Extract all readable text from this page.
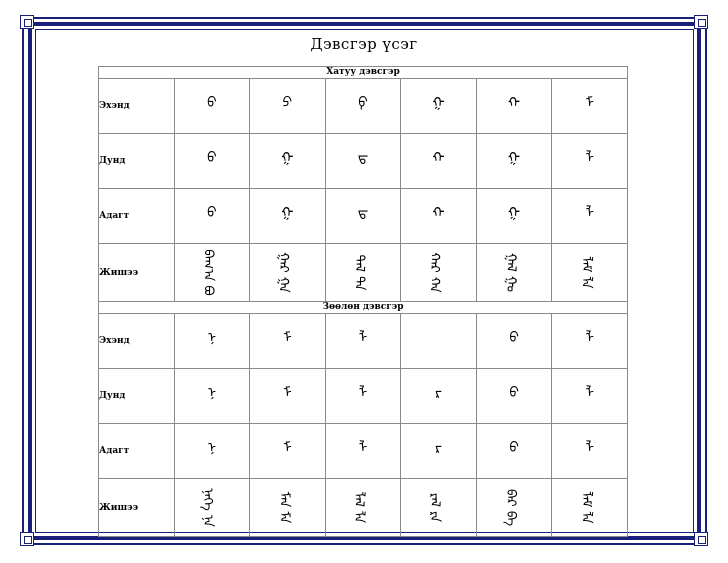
Дэвсгэр үсэг
Хатуу дэвсгэр						
Эхэнд	ᠪ	ᠫ	ᠹ	ᠭ	ᠬ	ᠮ
Дунд	ᠪ	ᠭ	ᠳ	ᠬ	ᠭ	ᠯ
Адагт	ᠪ	ᠭ	ᠳ	ᠬ	ᠭ	ᠯ
Жишээ	ᠪᠠᠭ᠎ᠠ ᠪᠣ	ᠭᠠᠷ ᠭᠠ	ᠳᠠᠯ ᠲᠠ	ᠬᠠᠷ ᠬᠠ	ᠭᠠᠯ ᠭᠣ	ᠯᠠᠮ ᠯᠠ
Зөөлөн дэвсгэр						
Эхэнд	ᠨ	ᠮ	ᠯ		ᠪ	ᠯ
Дунд	ᠨ	ᠮ	ᠯ	ᠷ	ᠪ	ᠯ
Адагт	ᠨ	ᠮ	ᠯ	ᠷ	ᠪ	ᠯ
Жишээ	ᠨᠡᠭᠡ ᠨᠡ	ᠮᠡᠨ ᠮᠡ	ᠯᠡᠯ ᠯᠡ	ᠷᠡᠯ ᠷᠡ	ᠪᠡᠷ ᠪᠡ	ᠯᠡᠮ ᠯᠡ
